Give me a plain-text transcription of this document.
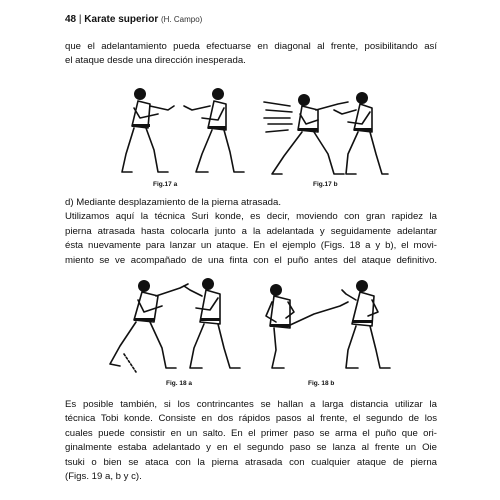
48 | Karate superior (H. Campo)
que el adelantamiento pueda efectuarse en diagonal al frente, posibilitando así
el ataque desde una dirección inesperada.
Fig.17 a	Fig.17 b
d) Mediante desplazamiento de la pierna atrasada.
Utilizamos aquí la técnica Suri konde, es decir, moviendo con gran rapidez la
pierna atrasada hasta colocarla junto a la adelantada y seguidamente adelantar
ésta nuevamente para lanzar un ataque. En el ejemplo (Figs. 18 a y b), el movi-
miento se ve acompañado de una finta con el puño antes del ataque definitivo.
Fig. 18 a	Fig. 18 b
Es posible también, si los contrincantes se hallan a larga distancia utilizar la
técnica Tobi konde. Consiste en dos rápidos pasos al frente, el segundo de los
cuales puede consistir en un salto. En el primer paso se arma el puño que ori-
ginalmente estaba adelantado y en el segundo paso se lanza al frente un Oie
tsuki o bien se ataca con la pierna atrasada con cualquier ataque de pierna
(Figs. 19 a, b y c).
